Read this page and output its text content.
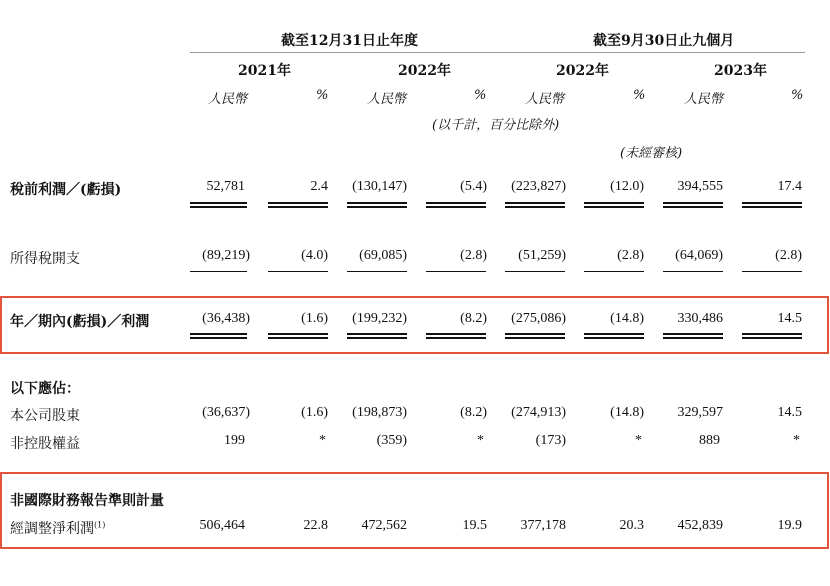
截至12月31日止年度	截至9月30日止九個月
2021年	2022年	2022年	2023年
人民幣	%	人民幣	%	人民幣	%	人民幣	%
(以千計，百分比除外)
(未經審核)
稅前利潤／(虧損)	52,781	2.4 (130,147)	(5.4) (223,827)	(12.0) 394,555	17.4
所得稅開支	(89,219)	(4.0) (69,085)	(2.8) (51,259)	(2.8) (64,069)	(2.8)
年／期內(虧損)／利潤	(36,438)	(1.6) (199,232)	(8.2) (275,086)	(14.8) 330,486	14.5
以下應佔：
本公司股東	(36,637)	(1.6) (198,873)	(8.2) (274,913)	(14.8) 329,597	14.5
非控股權益	199	*	(359)	*	(173)	*	889	*
非國際財務報告準則計量
經調整淨利潤$^{(1)}$	506,464	22.8 472,562	19.5 377,178	20.3 452,839	19.9
